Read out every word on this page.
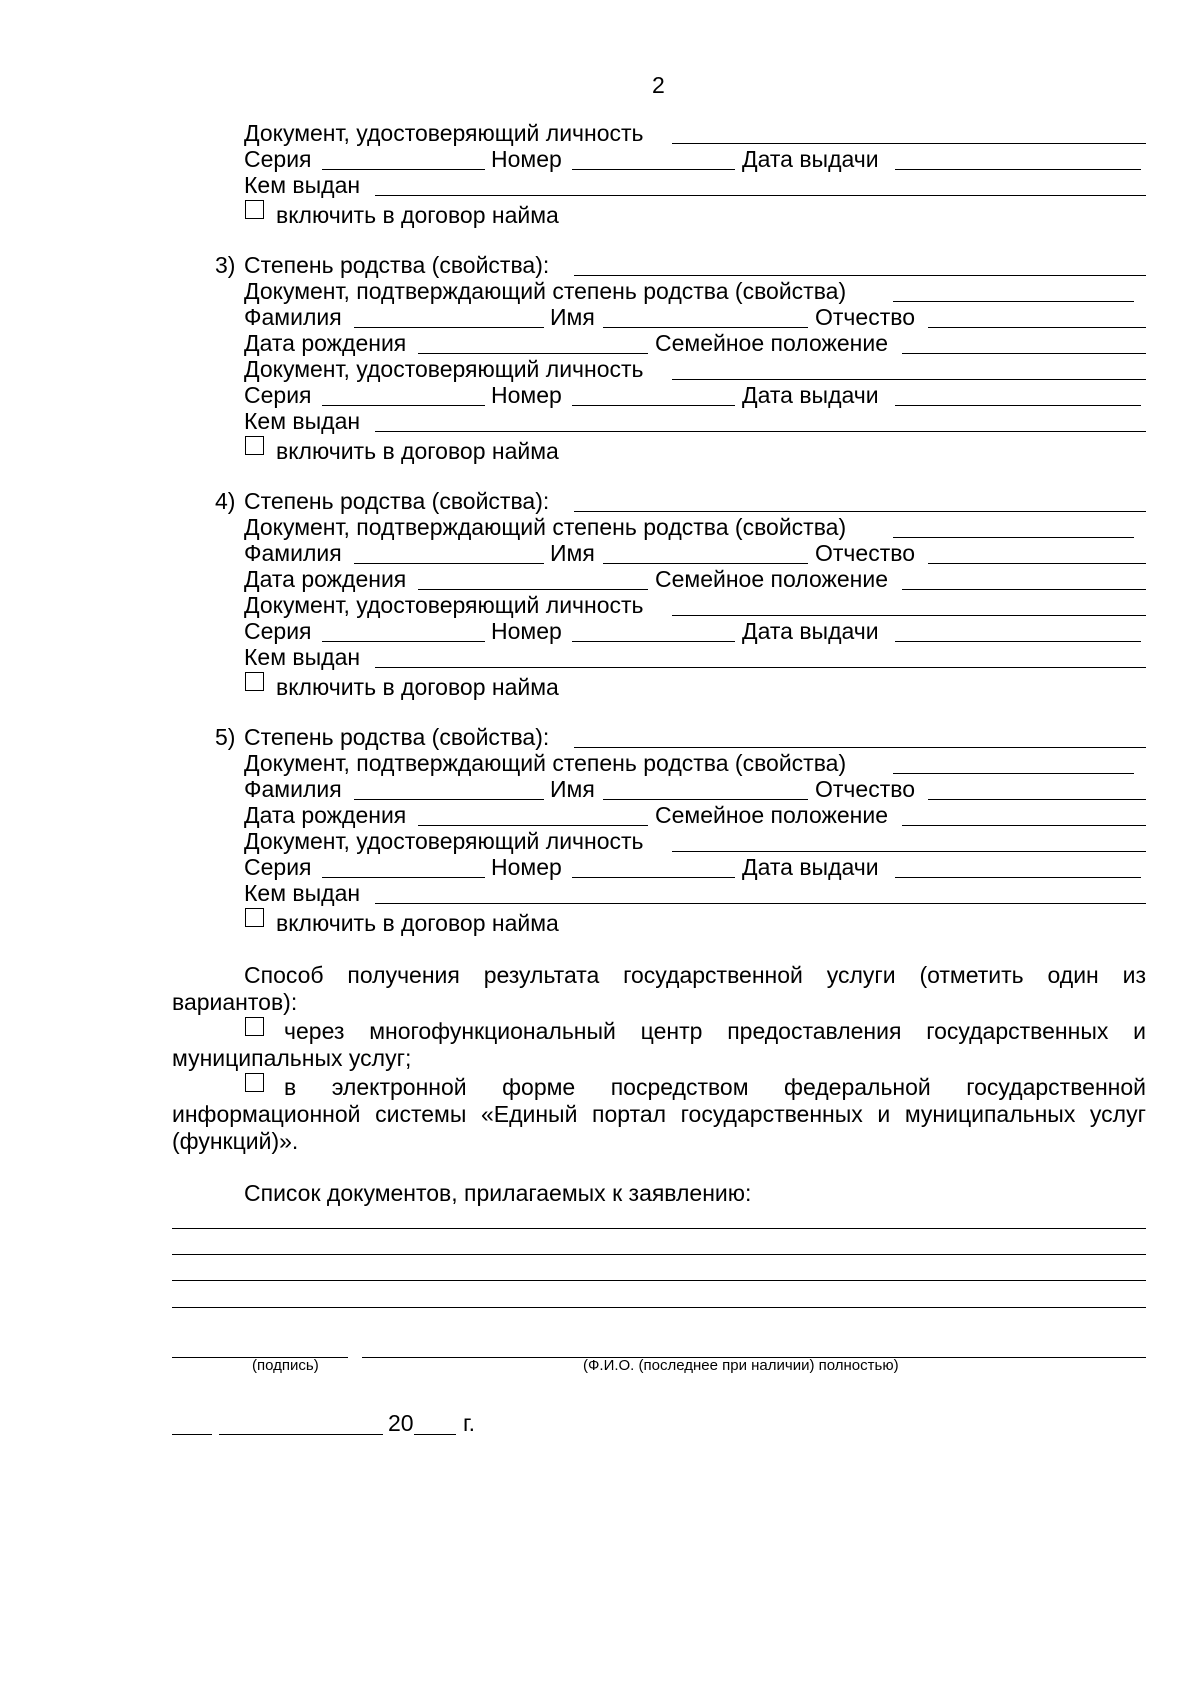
2
Документ, удостоверяющий личность
Серия	Номер	Дата выдачи
Кем выдан
включить в договор найма
3) Степень родства (свойства):
Документ, подтверждающий степень родства (свойства)
Фамилия	Имя	Отчество
Дата рождения	Семейное положение
Документ, удостоверяющий личность
Серия	Номер	Дата выдачи
Кем выдан
включить в договор найма
4) Степень родства (свойства):
Документ, подтверждающий степень родства (свойства)
Фамилия	Имя	Отчество
Дата рождения	Семейное положение
Документ, удостоверяющий личность
Серия	Номер	Дата выдачи
Кем выдан
включить в договор найма
5) Степень родства (свойства):
Документ, подтверждающий степень родства (свойства)
Фамилия	Имя	Отчество
Дата рождения	Семейное положение
Документ, удостоверяющий личность
Серия	Номер	Дата выдачи
Кем выдан
включить в договор найма
Способ получения результата государственной услуги (отметить один из
вариантов):
через многофункциональный центр предоставления государственных и
муниципальных услуг;
в электронной форме посредством федеральной государственной
информационной системы «Единый портал государственных и муниципальных услуг
(функций)».
Список документов, прилагаемых к заявлению:
(подпись)	(Ф.И.О. (последнее при наличии) полностью)
20 г.
